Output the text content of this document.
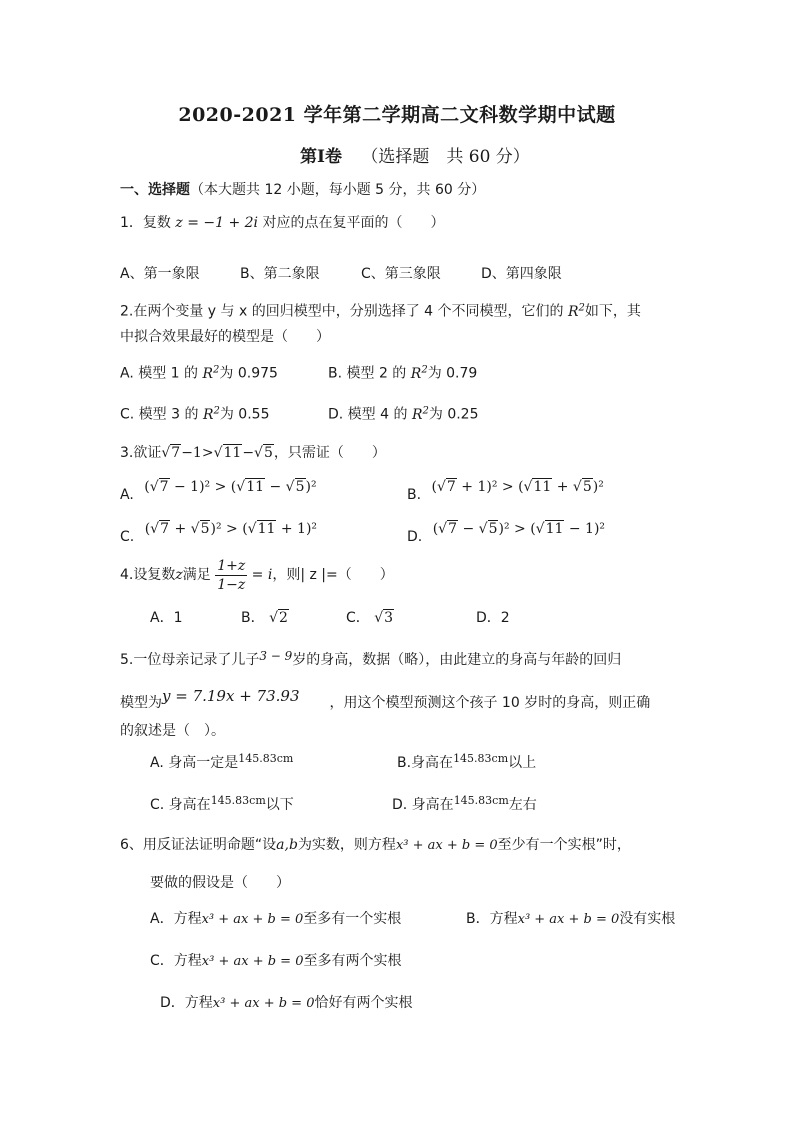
2020-2021 学年第二学期高二文科数学期中试题
第Ⅰ卷 （选择题　共 60 分）
一、选择题（本大题共 12 小题，每小题 5 分，共 60 分）
1．复数 z = −1 + 2i 对应的点在复平面的（　　）
A、第一象限	B、第二象限	C、第三象限	D、第四象限
2.在两个变量 y 与 x 的回归模型中，分别选择了 4 个不同模型，它们的 $R^2$如下，其
中拟合效果最好的模型是（　　）
A. 模型 1 的 $R^2$为 0.975	B. 模型 2 的 $R^2$为 0.79
C. 模型 3 的 $R^2$为 0.55	D. 模型 4 的 $R^2$为 0.25
3.欲证√7−1>√11−√5，只需证（　　）
A. (√7 − 1)² > (√11 − √5)²	B. (√7 + 1)² > (√11 + √5)²
C. (√7 + √5)² > (√11 + 1)²	D. (√7 − √5)² > (√11 − 1)²
4.设复数z满足 $\frac{1+z}{1-z} = i$，则| z |=（　　）
A．1	B． √2	C． √3	D．2
5.一位母亲记录了儿子3 − 9岁的身高，数据（略），由此建立的身高与年龄的回归
模型为y = 7.19x + 73.93 ，用这个模型预测这个孩子 10 岁时的身高，则正确
的叙述是（　）。
A. 身高一定是$^{145.83cm}$	B.身高在$^{145.83cm}$以上
C. 身高在$^{145.83cm}$以下	D. 身高在$^{145.83cm}$左右
6、用反证法证明命题“设a,b为实数，则方程x³ + ax + b = 0至少有一个实根”时，
要做的假设是（　　）
A．方程x³ + ax + b = 0至多有一个实根	B．方程x³ + ax + b = 0没有实根
C．方程x³ + ax + b = 0至多有两个实根
D．方程x³ + ax + b = 0恰好有两个实根
